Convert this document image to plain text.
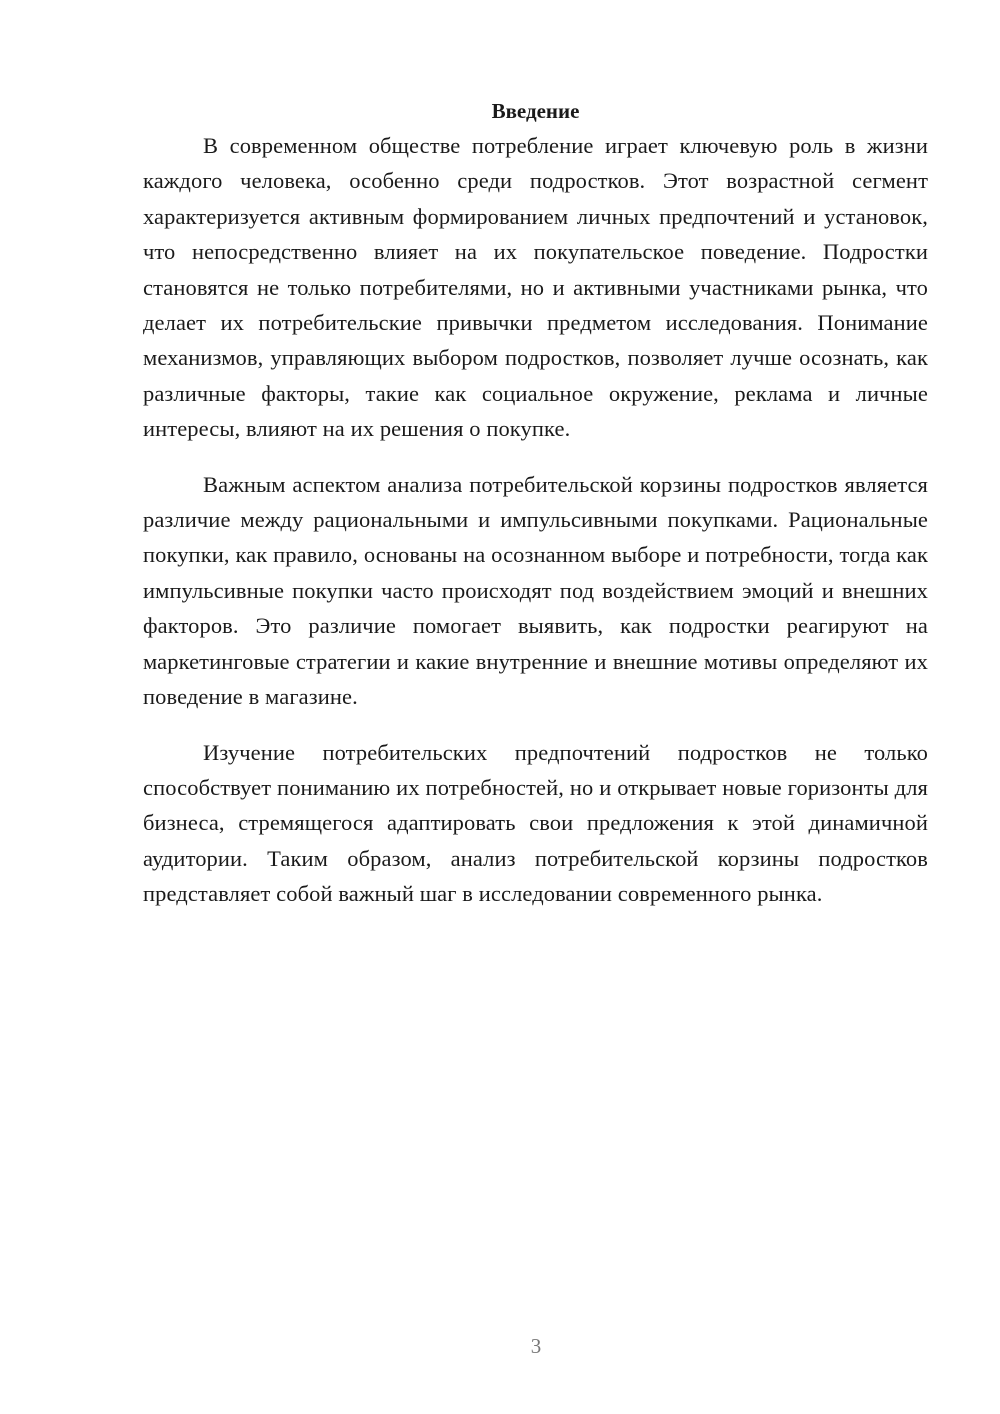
Введение

В современном обществе потребление играет ключевую роль в жизни каждого человека, особенно среди подростков. Этот возрастной сегмент характеризуется активным формированием личных предпочтений и установок, что непосредственно влияет на их покупательское поведение. Подростки становятся не только потребителями, но и активными участниками рынка, что делает их потребительские привычки предметом исследования. Понимание механизмов, управляющих выбором подростков, позволяет лучше осознать, как различные факторы, такие как социальное окружение, реклама и личные интересы, влияют на их решения о покупке.

Важным аспектом анализа потребительской корзины подростков является различие между рациональными и импульсивными покупками. Рациональные покупки, как правило, основаны на осознанном выборе и потребности, тогда как импульсивные покупки часто происходят под воздействием эмоций и внешних факторов. Это различие помогает выявить, как подростки реагируют на маркетинговые стратегии и какие внутренние и внешние мотивы определяют их поведение в магазине.

Изучение потребительских предпочтений подростков не только способствует пониманию их потребностей, но и открывает новые горизонты для бизнеса, стремящегося адаптировать свои предложения к этой динамичной аудитории. Таким образом, анализ потребительской корзины подростков представляет собой важный шаг в исследовании современного рынка.

3
